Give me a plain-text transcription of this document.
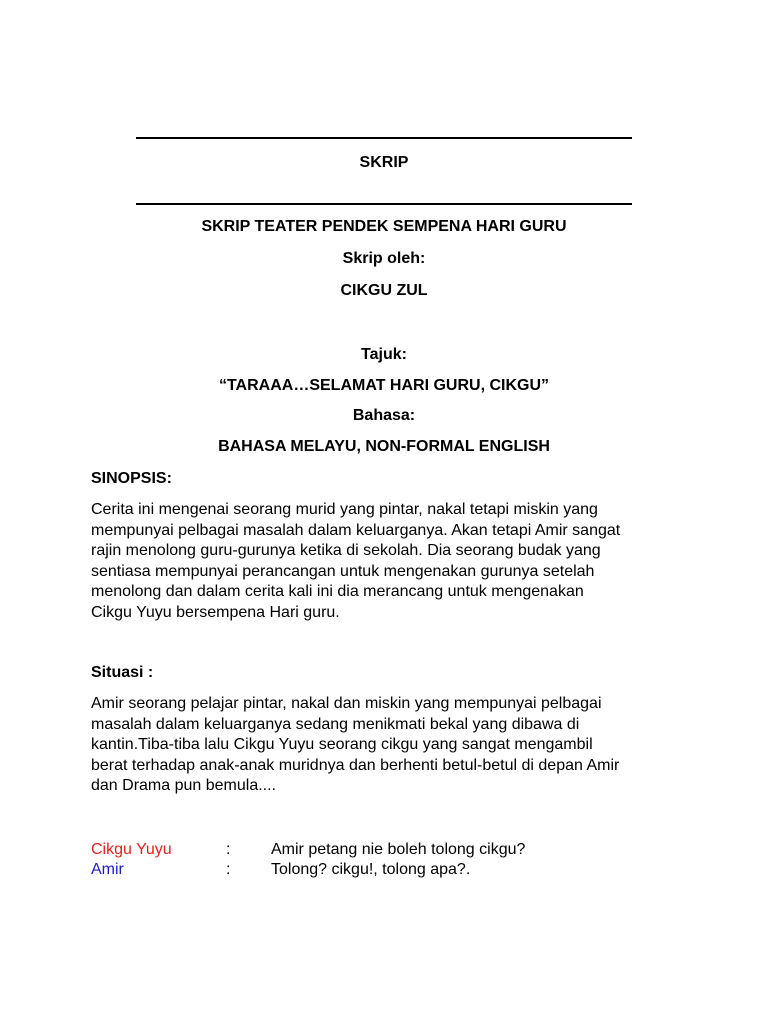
SKRIP
SKRIP TEATER PENDEK SEMPENA HARI GURU
Skrip oleh:
CIKGU ZUL
Tajuk:
“TARAAA…SELAMAT HARI GURU, CIKGU”
Bahasa:
BAHASA MELAYU, NON-FORMAL ENGLISH
SINOPSIS:
Cerita ini mengenai seorang murid yang pintar, nakal tetapi miskin yang
mempunyai pelbagai masalah dalam keluarganya. Akan tetapi Amir sangat
rajin menolong guru-gurunya ketika di sekolah. Dia seorang budak yang
sentiasa mempunyai perancangan untuk mengenakan gurunya setelah
menolong dan dalam cerita kali ini dia merancang untuk mengenakan
Cikgu Yuyu bersempena Hari guru.
Situasi :
Amir seorang pelajar pintar, nakal dan miskin yang mempunyai pelbagai
masalah dalam keluarganya sedang menikmati bekal yang dibawa di
kantin.Tiba-tiba lalu Cikgu Yuyu seorang cikgu yang sangat mengambil
berat terhadap anak-anak muridnya dan berhenti betul-betul di depan Amir
dan Drama pun bemula....
Cikgu Yuyu	:	Amir petang nie boleh tolong cikgu?
Amir	:	Tolong? cikgu!, tolong apa?.
